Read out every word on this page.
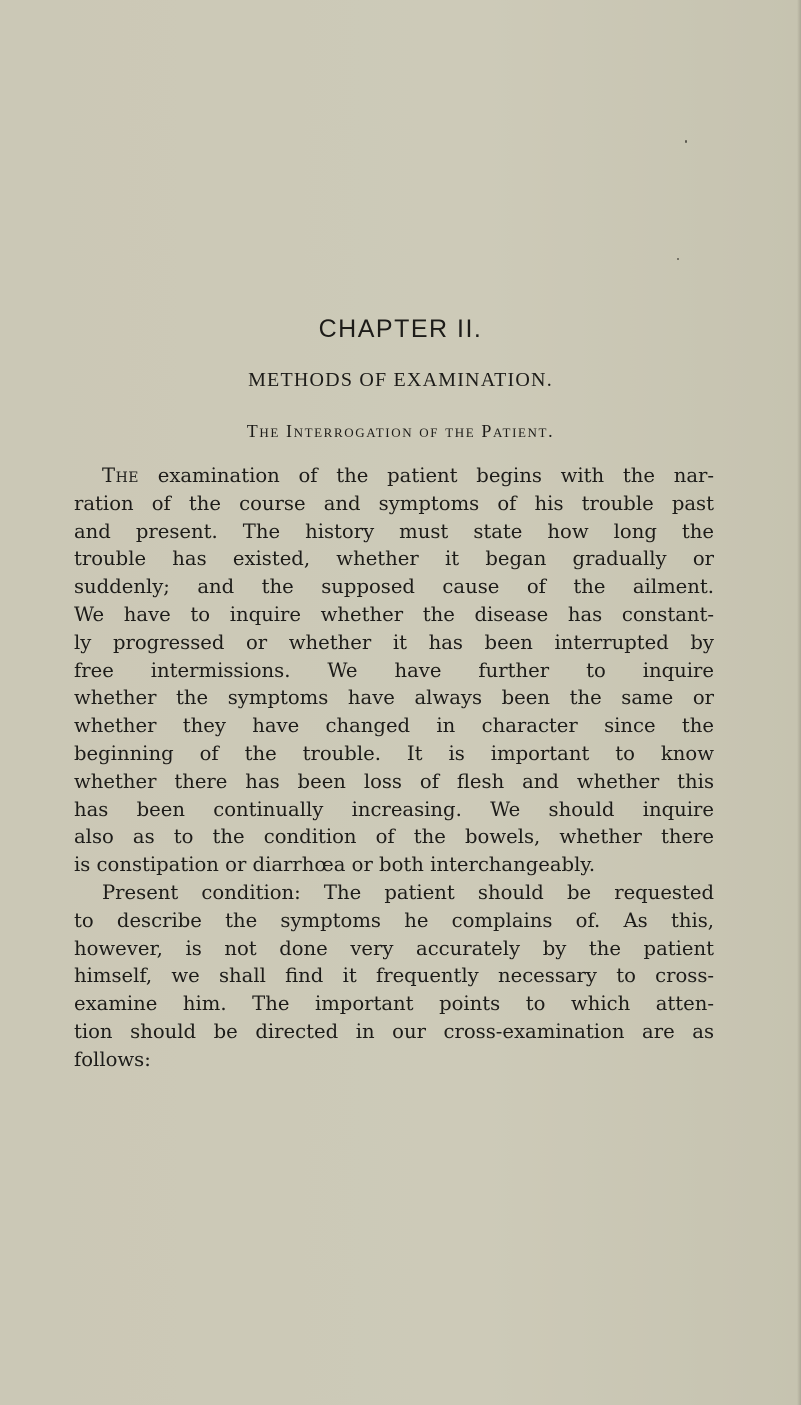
CHAPTER II.
METHODS OF EXAMINATION.
The Interrogation of the Patient.
The examination of the patient begins with the nar-
ration of the course and symptoms of his trouble past
and present. The history must state how long the
trouble has existed, whether it began gradually or
suddenly; and the supposed cause of the ailment.
We have to inquire whether the disease has constant-
ly progressed or whether it has been interrupted by
free intermissions. We have further to inquire
whether the symptoms have always been the same or
whether they have changed in character since the
beginning of the trouble. It is important to know
whether there has been loss of flesh and whether this
has been continually increasing. We should inquire
also as to the condition of the bowels, whether there
is constipation or diarrhœa or both interchangeably.
Present condition: The patient should be requested
to describe the symptoms he complains of. As this,
however, is not done very accurately by the patient
himself, we shall find it frequently necessary to cross-
examine him. The important points to which atten-
tion should be directed in our cross-examination are as
follows:
